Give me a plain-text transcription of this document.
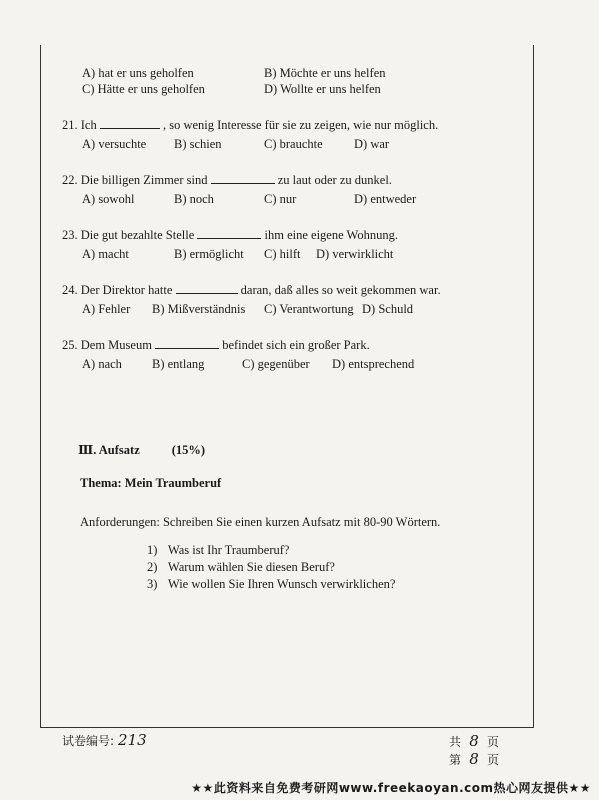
A) hat er uns geholfen	B) Möchte er uns helfen
C) Hätte er uns geholfen	D) Wollte er uns helfen
21. Ich	, so wenig Interesse für sie zu zeigen, wie nur möglich.
A) versuchte	B) schien	C) brauchte	D) war
22. Die billigen Zimmer sind	zu laut oder zu dunkel.
A) sowohl	B) noch	C) nur	D) entweder
23. Die gut bezahlte Stelle	ihm eine eigene Wohnung.
A) macht	B) ermöglicht	C) hilft	D) verwirklicht
24. Der Direktor hatte	daran, daß alles so weit gekommen war.
A) Fehler	B) Mißverständnis	C) Verantwortung D) Schuld
25. Dem Museum	befindet sich ein großer Park.
A) nach	B) entlang	C) gegenüber	D) entsprechend
Ⅲ. Aufsatz	(15%)
Thema: Mein Traumberuf
Anforderungen: Schreiben Sie einen kurzen Aufsatz mit 80-90 Wörtern.
1) Was ist Ihr Traumberuf?
2) Warum wählen Sie diesen Beruf?
3) Wie wollen Sie Ihren Wunsch verwirklichen?
试卷编号: 213	共 8 页
第 8 页
★★此资料来自免费考研网www.freekaoyan.com热心网友提供★★
